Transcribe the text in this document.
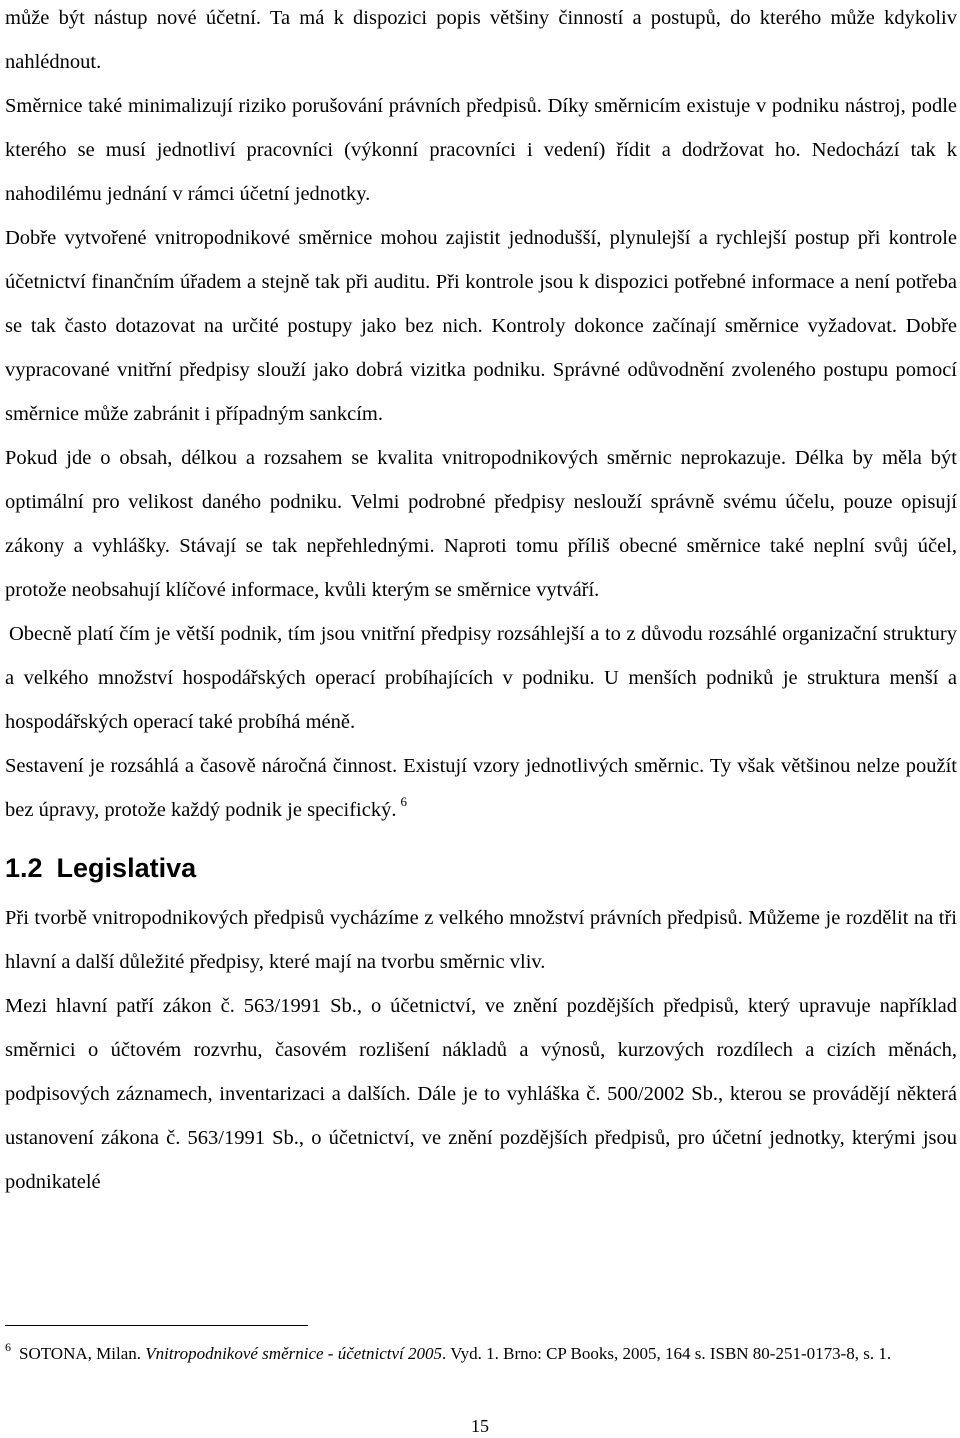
může být nástup nové účetní. Ta má k dispozici popis většiny činností a postupů, do kterého může kdykoliv nahlédnout.

Směrnice také minimalizují riziko porušování právních předpisů. Díky směrnicím existuje v podniku nástroj, podle kterého se musí jednotliví pracovníci (výkonní pracovníci i vedení) řídit a dodržovat ho. Nedochází tak k nahodilému jednání v rámci účetní jednotky.

Dobře vytvořené vnitropodnikové směrnice mohou zajistit jednodušší, plynulejší a rychlejší postup při kontrole účetnictví finančním úřadem a stejně tak při auditu. Při kontrole jsou k dispozici potřebné informace a není potřeba se tak často dotazovat na určité postupy jako bez nich. Kontroly dokonce začínají směrnice vyžadovat. Dobře vypracované vnitřní předpisy slouží jako dobrá vizitka podniku. Správné odůvodnění zvoleného postupu pomocí směrnice může zabránit i případným sankcím.

Pokud jde o obsah, délkou a rozsahem se kvalita vnitropodnikových směrnic neprokazuje. Délka by měla být optimální pro velikost daného podniku. Velmi podrobné předpisy neslouží správně svému účelu, pouze opisují zákony a vyhlášky. Stávají se tak nepřehlednými. Naproti tomu příliš obecné směrnice také neplní svůj účel, protože neobsahují klíčové informace, kvůli kterým se směrnice vytváří.

Obecně platí čím je větší podnik, tím jsou vnitřní předpisy rozsáhlejší a to z důvodu rozsáhlé organizační struktury a velkého množství hospodářských operací probíhajících v podniku. U menších podniků je struktura menší a hospodářských operací také probíhá méně.

Sestavení je rozsáhlá a časově náročná činnost. Existují vzory jednotlivých směrnic. Ty však většinou nelze použít bez úpravy, protože každý podnik je specifický. $^6$

1.2 Legislativa

Při tvorbě vnitropodnikových předpisů vycházíme z velkého množství právních předpisů. Můžeme je rozdělit na tři hlavní a další důležité předpisy, které mají na tvorbu směrnic vliv.

Mezi hlavní patří zákon č. 563/1991 Sb., o účetnictví, ve znění pozdějších předpisů, který upravuje například směrnici o účtovém rozvrhu, časovém rozlišení nákladů a výnosů, kurzových rozdílech a cizích měnách, podpisových záznamech, inventarizaci a dalších. Dále je to vyhláška č. 500/2002 Sb., kterou se provádějí některá ustanovení zákona č. 563/1991 Sb., o účetnictví, ve znění pozdějších předpisů, pro účetní jednotky, kterými jsou podnikatelé

$^6$ SOTONA, Milan. Vnitropodnikové směrnice - účetnictví 2005. Vyd. 1. Brno: CP Books, 2005, 164 s. ISBN 80-251-0173-8, s. 1.

15
